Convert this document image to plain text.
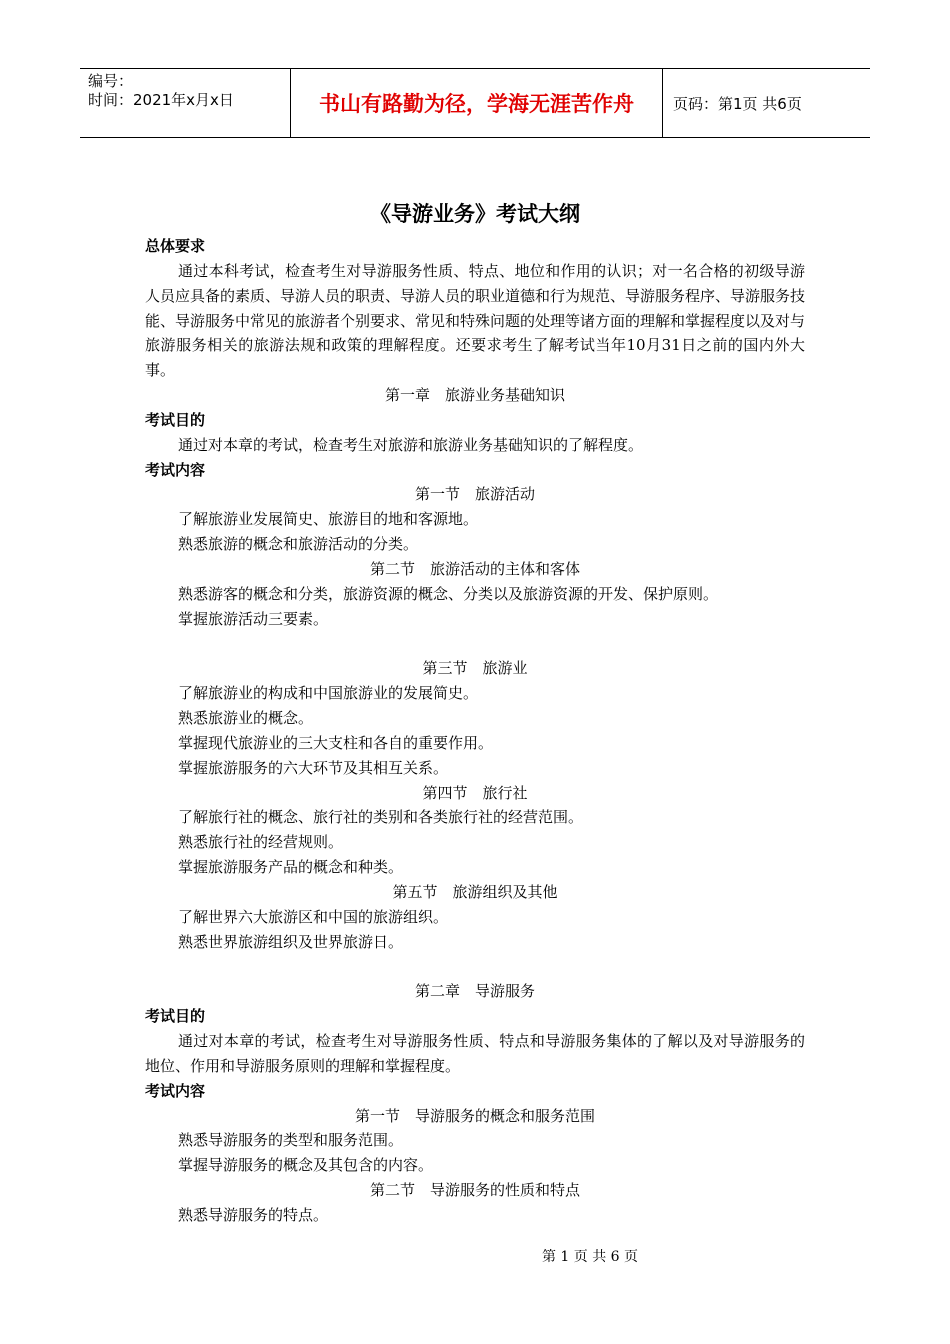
编号：
时间：2021年x月x日	书山有路勤为径，学海无涯苦作舟	页码：第1页 共6页
《导游业务》考试大纲
总体要求
通过本科考试，检查考生对导游服务性质、特点、地位和作用的认识；对一名合格的初级导游人员应具备的素质、导游人员的职责、导游人员的职业道德和行为规范、导游服务程序、导游服务技能、导游服务中常见的旅游者个别要求、常见和特殊问题的处理等诸方面的理解和掌握程度以及对与旅游服务相关的旅游法规和政策的理解程度。还要求考生了解考试当年10月31日之前的国内外大事。
第一章　旅游业务基础知识
考试目的
通过对本章的考试，检查考生对旅游和旅游业务基础知识的了解程度。
考试内容
第一节　旅游活动
了解旅游业发展简史、旅游目的地和客源地。
熟悉旅游的概念和旅游活动的分类。
第二节　旅游活动的主体和客体
熟悉游客的概念和分类，旅游资源的概念、分类以及旅游资源的开发、保护原则。
掌握旅游活动三要素。
第三节　旅游业
了解旅游业的构成和中国旅游业的发展简史。
熟悉旅游业的概念。
掌握现代旅游业的三大支柱和各自的重要作用。
掌握旅游服务的六大环节及其相互关系。
第四节　旅行社
了解旅行社的概念、旅行社的类别和各类旅行社的经营范围。
熟悉旅行社的经营规则。
掌握旅游服务产品的概念和种类。
第五节　旅游组织及其他
了解世界六大旅游区和中国的旅游组织。
熟悉世界旅游组织及世界旅游日。
第二章　导游服务
考试目的
通过对本章的考试，检查考生对导游服务性质、特点和导游服务集体的了解以及对导游服务的地位、作用和导游服务原则的理解和掌握程度。
考试内容
第一节　导游服务的概念和服务范围
熟悉导游服务的类型和服务范围。
掌握导游服务的概念及其包含的内容。
第二节　导游服务的性质和特点
熟悉导游服务的特点。
第 1 页 共 6 页
